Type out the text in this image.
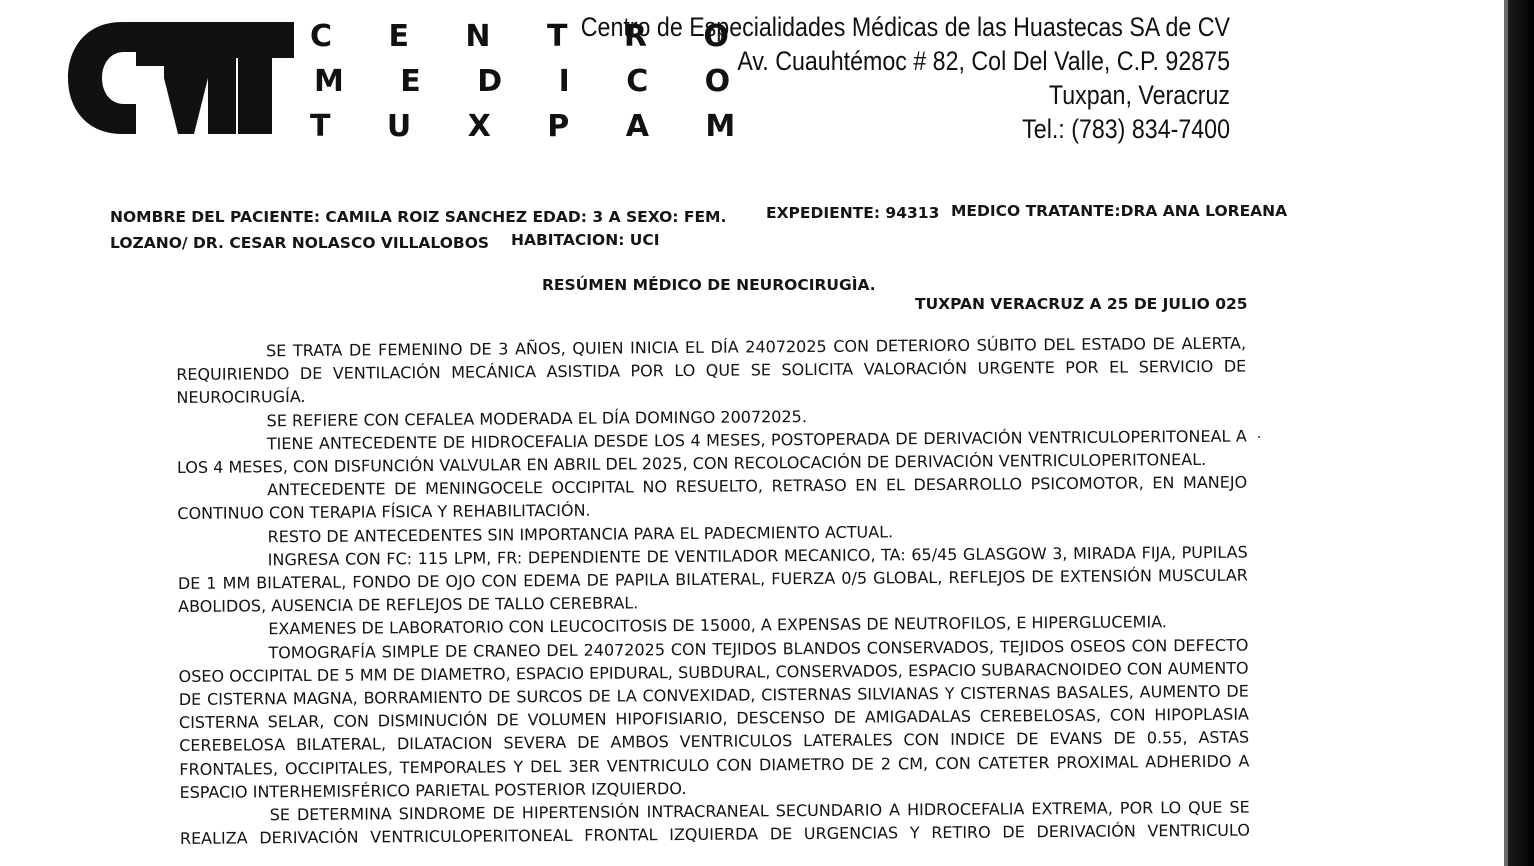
C E N T R O
M E D I C O
T U X P A M
Centro de Especialidades Médicas de las Huastecas SA de CV
Av. Cuauhtémoc # 82, Col Del Valle, C.P. 92875
Tuxpan, Veracruz
Tel.: (783) 834-7400
NOMBRE DEL PACIENTE: CAMILA ROIZ SANCHEZ EDAD: 3 A SEXO: FEM.	EXPEDIENTE: 94313 MEDICO TRATANTE:DRA ANA LOREANA
LOZANO/ DR. CESAR NOLASCO VILLALOBOS HABITACION: UCI
RESÚMEN MÉDICO DE NEUROCIRUGÌA.
TUXPAN VERACRUZ A 25 DE JULIO 025

SE TRATA DE FEMENINO DE 3 AÑOS, QUIEN INICIA EL DÍA 24072025 CON DETERIORO SÚBITO DEL ESTADO DE ALERTA, REQUIRIENDO DE VENTILACIÓN MECÁNICA ASISTIDA POR LO QUE SE SOLICITA VALORACIÓN URGENTE POR EL SERVICIO DE NEUROCIRUGÍA.

SE REFIERE CON CEFALEA MODERADA EL DÍA DOMINGO 20072025.

TIENE ANTECEDENTE DE HIDROCEFALIA DESDE LOS 4 MESES, POSTOPERADA DE DERIVACIÓN VENTRICULOPERITONEAL A LOS 4 MESES, CON DISFUNCIÓN VALVULAR EN ABRIL DEL 2025, CON RECOLOCACIÓN DE DERIVACIÓN VENTRICULOPERITONEAL.

ANTECEDENTE DE MENINGOCELE OCCIPITAL NO RESUELTO, RETRASO EN EL DESARROLLO PSICOMOTOR, EN MANEJO CONTINUO CON TERAPIA FÍSICA Y REHABILITACIÓN.

RESTO DE ANTECEDENTES SIN IMPORTANCIA PARA EL PADECMIENTO ACTUAL.

INGRESA CON FC: 115 LPM, FR: DEPENDIENTE DE VENTILADOR MECANICO, TA: 65/45 GLASGOW 3, MIRADA FIJA, PUPILAS DE 1 MM BILATERAL, FONDO DE OJO CON EDEMA DE PAPILA BILATERAL, FUERZA 0/5 GLOBAL, REFLEJOS DE EXTENSIÓN MUSCULAR ABOLIDOS, AUSENCIA DE REFLEJOS DE TALLO CEREBRAL.

EXAMENES DE LABORATORIO CON LEUCOCITOSIS DE 15000, A EXPENSAS DE NEUTROFILOS, E HIPERGLUCEMIA.

TOMOGRAFÍA SIMPLE DE CRANEO DEL 24072025 CON TEJIDOS BLANDOS CONSERVADOS, TEJIDOS OSEOS CON DEFECTO OSEO OCCIPITAL DE 5 MM DE DIAMETRO, ESPACIO EPIDURAL, SUBDURAL, CONSERVADOS, ESPACIO SUBARACNOIDEO CON AUMENTO DE CISTERNA MAGNA, BORRAMIENTO DE SURCOS DE LA CONVEXIDAD, CISTERNAS SILVIANAS Y CISTERNAS BASALES, AUMENTO DE CISTERNA SELAR, CON DISMINUCIÓN DE VOLUMEN HIPOFISIARIO, DESCENSO DE AMIGADALAS CEREBELOSAS, CON HIPOPLASIA CEREBELOSA BILATERAL, DILATACION SEVERA DE AMBOS VENTRICULOS LATERALES CON INDICE DE EVANS DE 0.55, ASTAS FRONTALES, OCCIPITALES, TEMPORALES Y DEL 3ER VENTRICULO CON DIAMETRO DE 2 CM, CON CATETER PROXIMAL ADHERIDO A ESPACIO INTERHEMISFÉRICO PARIETAL POSTERIOR IZQUIERDO.

SE DETERMINA SINDROME DE HIPERTENSIÓN INTRACRANEAL SECUNDARIO A HIDROCEFALIA EXTREMA, POR LO QUE SE REALIZA DERIVACIÓN VENTRICULOPERITONEAL FRONTAL IZQUIERDA DE URGENCIAS Y RETIRO DE DERIVACIÓN VENTRICULO
